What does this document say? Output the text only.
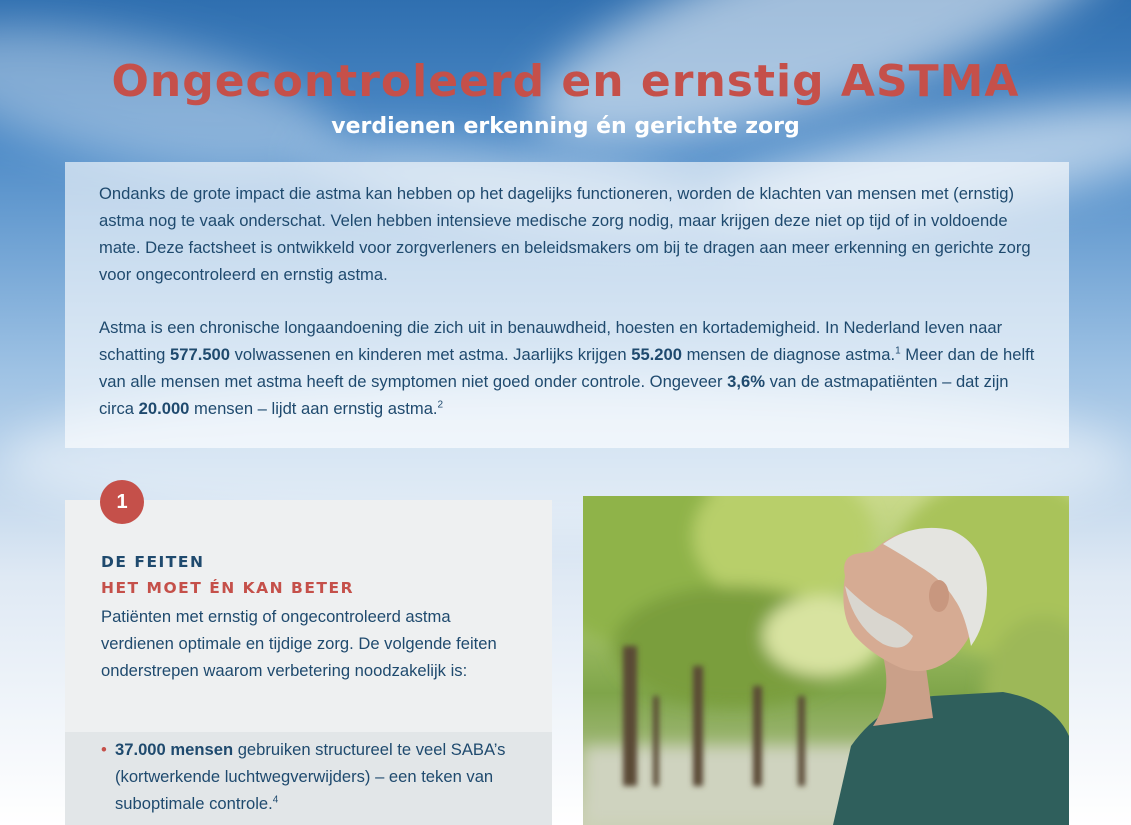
Ongecontroleerd en ernstig ASTMA
verdienen erkenning én gerichte zorg

Ondanks de grote impact die astma kan hebben op het dagelijks functioneren, worden de klachten van mensen met (ernstig) astma nog te vaak onderschat. Velen hebben intensieve medische zorg nodig, maar krijgen deze niet op tijd of in voldoende mate. Deze factsheet is ontwikkeld voor zorgverleners en beleidsmakers om bij te dragen aan meer erkenning en gerichte zorg voor ongecontroleerd en ernstig astma.

Astma is een chronische longaandoening die zich uit in benauwdheid, hoesten en kortademigheid. In Nederland leven naar schatting 577.500 volwassenen en kinderen met astma. Jaarlijks krijgen 55.200 mensen de diagnose astma.$^1$ Meer dan de helft van alle mensen met astma heeft de symptomen niet goed onder controle. Ongeveer 3,6% van de astmapatiënten – dat zijn circa 20.000 mensen – lijdt aan ernstig astma.$^2$

1
DE FEITEN
HET MOET ÉN KAN BETER

Patiënten met ernstig of ongecontroleerd astma verdienen optimale en tijdige zorg. De volgende feiten onderstrepen waarom verbetering noodzakelijk is:

• 37.000 mensen gebruiken structureel te veel SABA’s (kortwerkende luchtwegverwijders) – een teken van suboptimale controle.$^4$
